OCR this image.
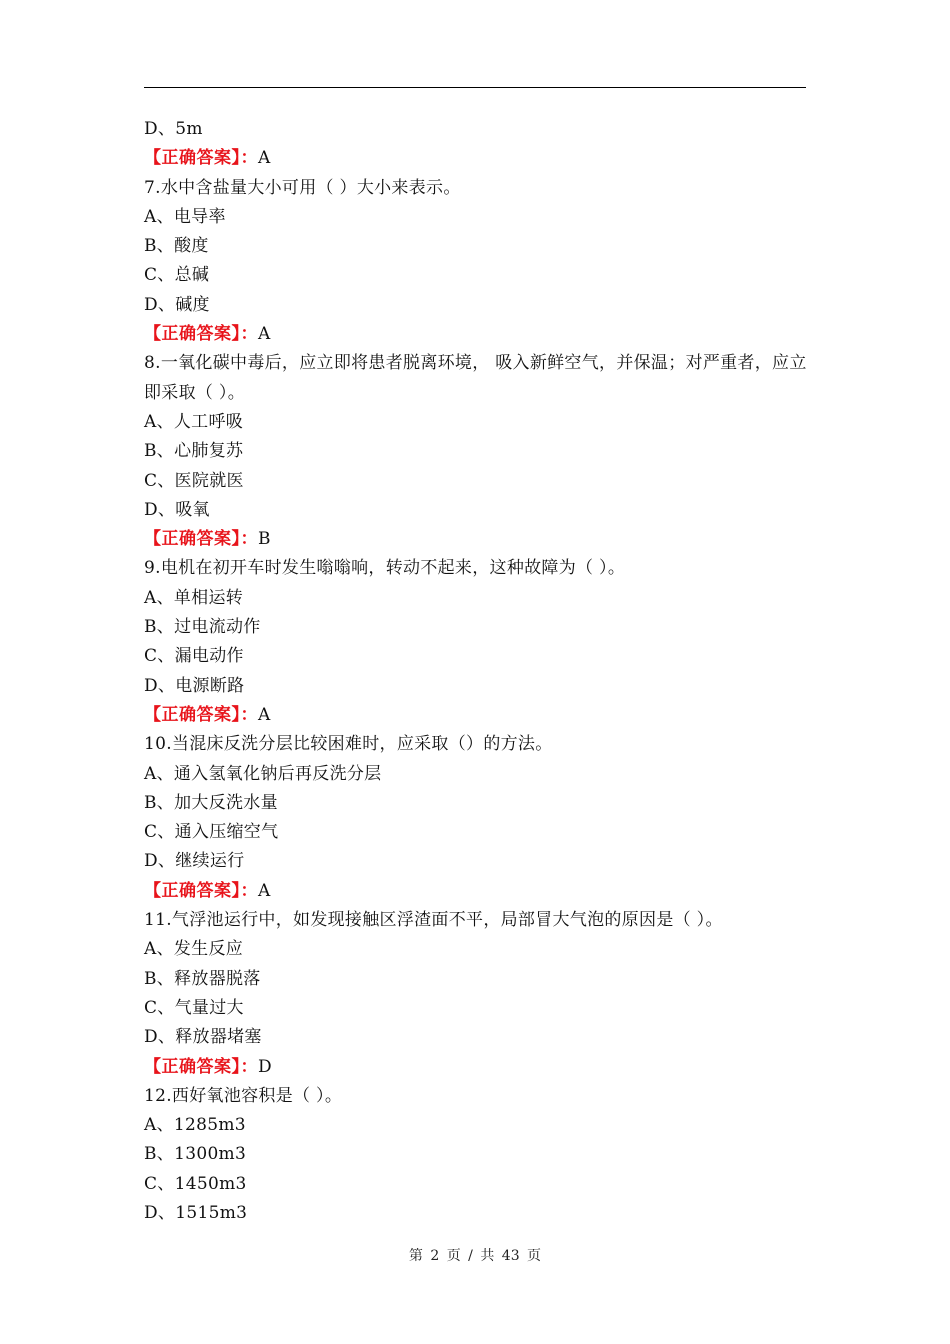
D、5m
【正确答案】：A
7.水中含盐量大小可用（ ）大小来表示。
A、电导率
B、酸度
C、总碱
D、碱度
【正确答案】：A
8.一氧化碳中毒后，应立即将患者脱离环境， 吸入新鲜空气，并保温；对严重者，应立即采取（ ）。
A、人工呼吸
B、心肺复苏
C、医院就医
D、吸氧
【正确答案】：B
9.电机在初开车时发生嗡嗡响，转动不起来，这种故障为（ ）。
A、单相运转
B、过电流动作
C、漏电动作
D、电源断路
【正确答案】：A
10.当混床反洗分层比较困难时，应采取（）的方法。
A、通入氢氧化钠后再反洗分层
B、加大反洗水量
C、通入压缩空气
D、继续运行
【正确答案】：A
11.气浮池运行中，如发现接触区浮渣面不平，局部冒大气泡的原因是（ ）。
A、发生反应
B、释放器脱落
C、气量过大
D、释放器堵塞
【正确答案】：D
12.西好氧池容积是（ ）。
A、1285m3
B、1300m3
C、1450m3
D、1515m3
第 2 页 / 共 43 页
